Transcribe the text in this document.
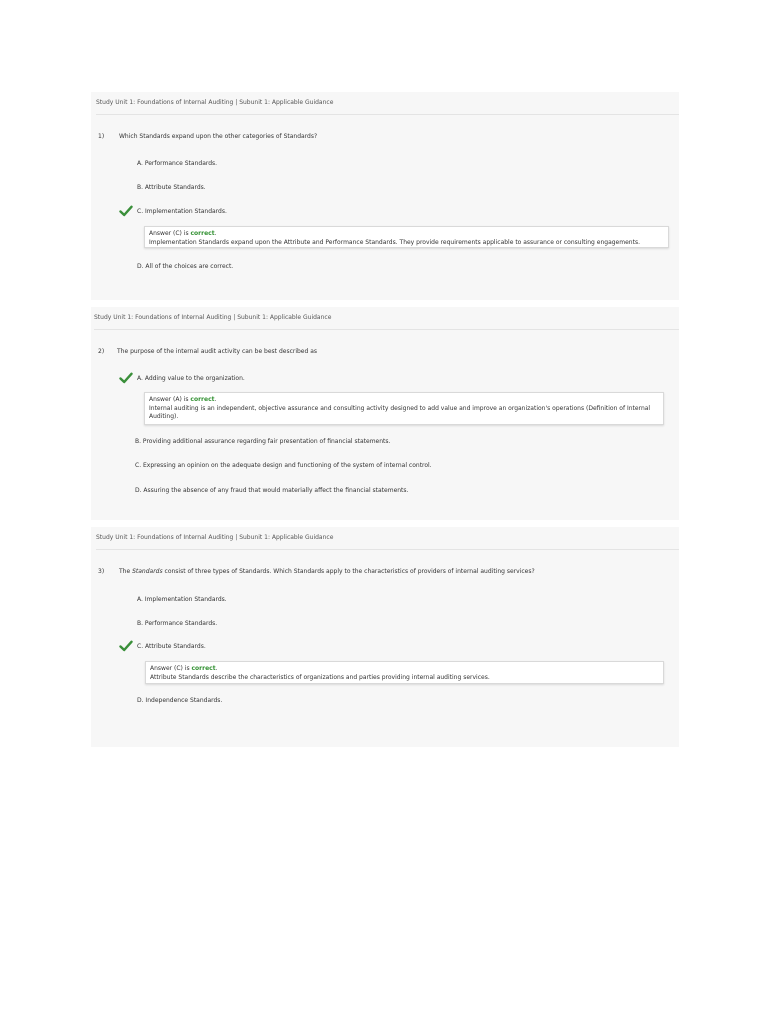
Study Unit 1: Foundations of Internal Auditing | Subunit 1: Applicable Guidance
1) Which Standards expand upon the other categories of Standards?
A. Performance Standards.
B. Attribute Standards.
C. Implementation Standards.
Answer (C) is correct.
Implementation Standards expand upon the Attribute and Performance Standards. They provide requirements applicable to assurance or consulting engagements.
D. All of the choices are correct.
Study Unit 1: Foundations of Internal Auditing | Subunit 1: Applicable Guidance
2) The purpose of the internal audit activity can be best described as
A. Adding value to the organization.
Answer (A) is correct.
Internal auditing is an independent, objective assurance and consulting activity designed to add value and improve an organization's operations (Definition of Internal Auditing).
B. Providing additional assurance regarding fair presentation of financial statements.
C. Expressing an opinion on the adequate design and functioning of the system of internal control.
D. Assuring the absence of any fraud that would materially affect the financial statements.
Study Unit 1: Foundations of Internal Auditing | Subunit 1: Applicable Guidance
3) The Standards consist of three types of Standards. Which Standards apply to the characteristics of providers of internal auditing services?
A. Implementation Standards.
B. Performance Standards.
C. Attribute Standards.
Answer (C) is correct.
Attribute Standards describe the characteristics of organizations and parties providing internal auditing services.
D. Independence Standards.
